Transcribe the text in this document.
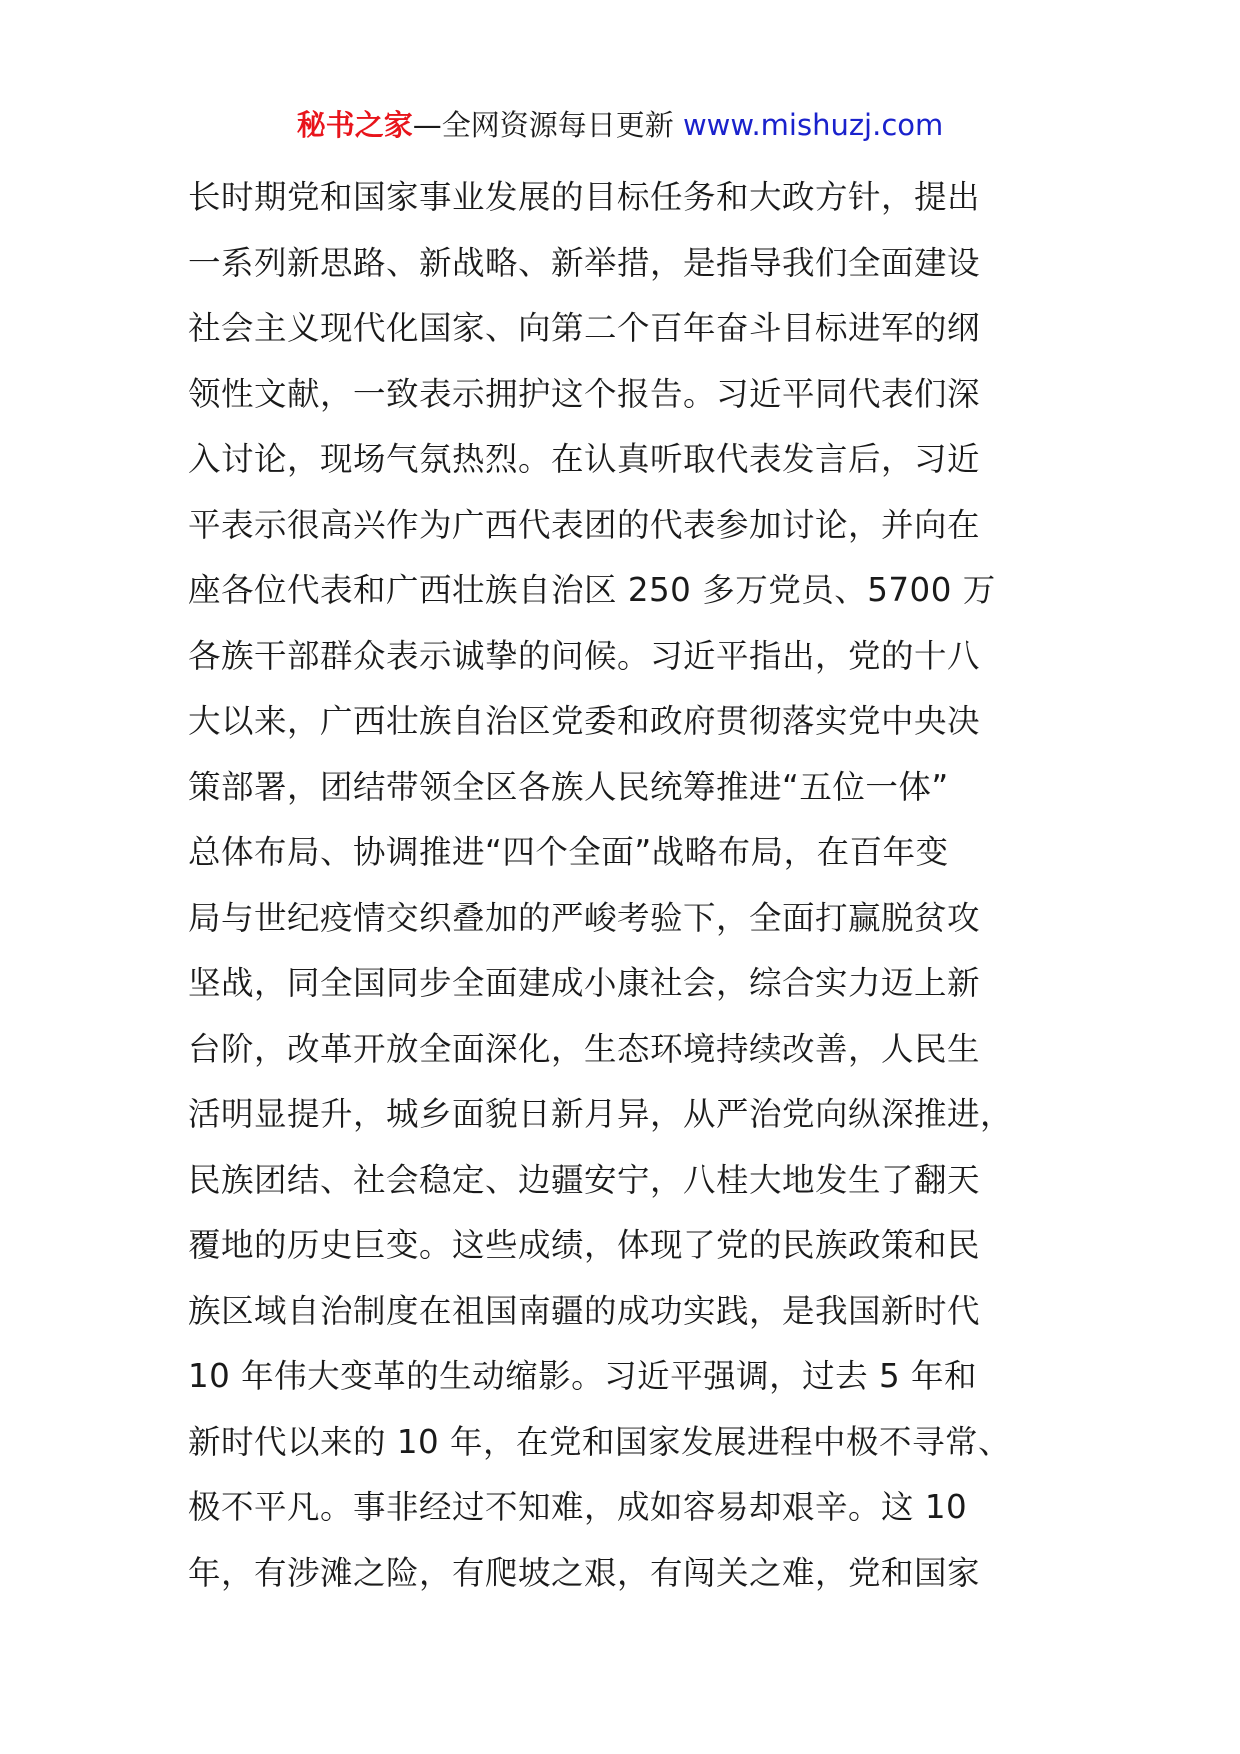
秘书之家—全网资源每日更新 www.mishuzj.com
长时期党和国家事业发展的目标任务和大政方针，提出
一系列新思路、新战略、新举措，是指导我们全面建设
社会主义现代化国家、向第二个百年奋斗目标进军的纲
领性文献，一致表示拥护这个报告。习近平同代表们深
入讨论，现场气氛热烈。在认真听取代表发言后，习近
平表示很高兴作为广西代表团的代表参加讨论，并向在
座各位代表和广西壮族自治区 250 多万党员、5700 万
各族干部群众表示诚挚的问候。习近平指出，党的十八
大以来，广西壮族自治区党委和政府贯彻落实党中央决
策部署，团结带领全区各族人民统筹推进“五位一体”
总体布局、协调推进“四个全面”战略布局，在百年变
局与世纪疫情交织叠加的严峻考验下，全面打赢脱贫攻
坚战，同全国同步全面建成小康社会，综合实力迈上新
台阶，改革开放全面深化，生态环境持续改善，人民生
活明显提升，城乡面貌日新月异，从严治党向纵深推进，
民族团结、社会稳定、边疆安宁，八桂大地发生了翻天
覆地的历史巨变。这些成绩，体现了党的民族政策和民
族区域自治制度在祖国南疆的成功实践，是我国新时代
10 年伟大变革的生动缩影。习近平强调，过去 5 年和
新时代以来的 10 年，在党和国家发展进程中极不寻常、
极不平凡。事非经过不知难，成如容易却艰辛。这 10
年，有涉滩之险，有爬坡之艰，有闯关之难，党和国家
